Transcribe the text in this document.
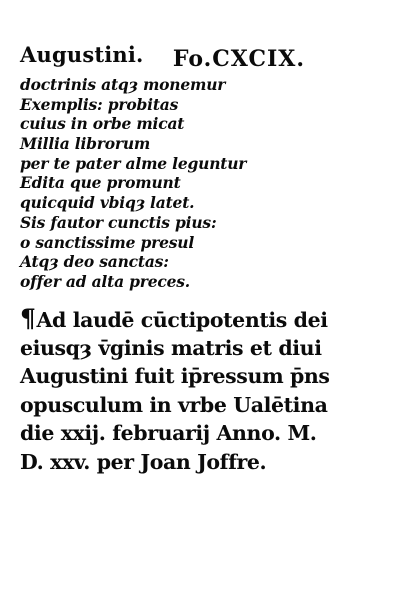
Augustini. Fo.CXCIX.
doctrinis atqȝ monemur
Exemplis: probitas
cuius in orbe micat
Millia librorum
per te pater alme leguntur
Edita que promunt
quicquid vbiqȝ latet.
Sis fautor cunctis pius:
o sanctissime presul
Atqȝ deo sanctas:
offer ad alta preces.
¶Ad laudē cūctipotentis dei
eiusqȝ v̄ginis matris et diui
Augustini fuit ip̄ressum p̄ns
opusculum in vrbe Ualētina
die xxij. februarij Anno. M.
D. xxv. per Joan Joffre.
